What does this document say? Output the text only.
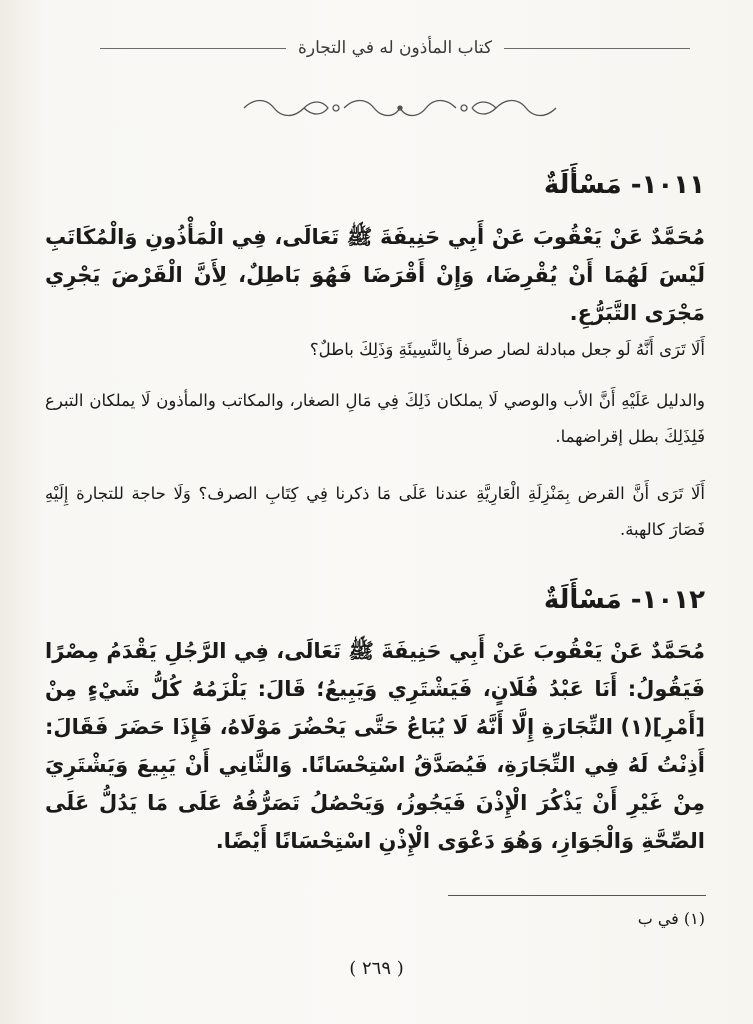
كتاب المأذون له في التجارة
١٠١١- مَسْأَلَةٌ
مُحَمَّدٌ عَنْ يَعْقُوبَ عَنْ أَبِي حَنِيفَةَ ﷺ تَعَالَى، فِي الْمَأْذُونِ وَالْمُكَاتَبِ لَيْسَ لَهُمَا أَنْ يُقْرِضَا، وَإِنْ أَقْرَضَا فَهُوَ بَاطِلٌ، لِأَنَّ الْقَرْضَ يَجْرِي مَجْرَى التَّبَرُّعِ.
أَلَا تَرَى أَنَّهُ لَو جعل مبادلة لصار صرفاً بِالنَّسِيئَةِ وَذَلِكَ باطلٌ؟
والدليل عَلَيْهِ أَنَّ الأب والوصي لَا يملكان ذَلِكَ فِي مَالِ الصغار، والمكاتب والمأذون لَا يملكان التبرع فَلِذَلِكَ بطل إقراضهما.
أَلَا تَرَى أَنَّ القرض بِمَنْزِلَةِ الْعَارِيَّةِ عندنا عَلَى مَا ذكرنا فِي كِتَابِ الصرف؟ وَلَا حاجة للتجارة إِلَيْهِ فَصَارَ كالهبة.
١٠١٢- مَسْأَلَةٌ
مُحَمَّدٌ عَنْ يَعْقُوبَ عَنْ أَبِي حَنِيفَةَ ﷺ تَعَالَى، فِي الرَّجُلِ يَقْدَمُ مِصْرًا فَيَقُولُ: أَنَا عَبْدُ فُلَانٍ، فَيَشْتَرِي وَيَبِيعُ؛ قَالَ: يَلْزَمُهُ كُلُّ شَيْءٍ مِنْ [أَمْرِ](١) التِّجَارَةِ إِلَّا أَنَّهُ لَا يُبَاعُ حَتَّى يَحْضُرَ مَوْلَاهُ، فَإِذَا حَضَرَ فَقَالَ: أَذِنْتُ لَهُ فِي التِّجَارَةِ، فَيُصَدَّقُ اسْتِحْسَانًا. وَالثَّانِي أَنْ يَبِيعَ وَيَشْتَرِيَ مِنْ غَيْرِ أَنْ يَذْكُرَ الْإِذْنَ فَيَجُوزُ، وَيَحْصُلُ تَصَرُّفُهُ عَلَى مَا يَدُلُّ عَلَى الصِّحَّةِ وَالْجَوَازِ، وَهُوَ دَعْوَى الْإِذْنِ اسْتِحْسَانًا أَيْضًا.
(١) في ب
( ٢٦٩ )
